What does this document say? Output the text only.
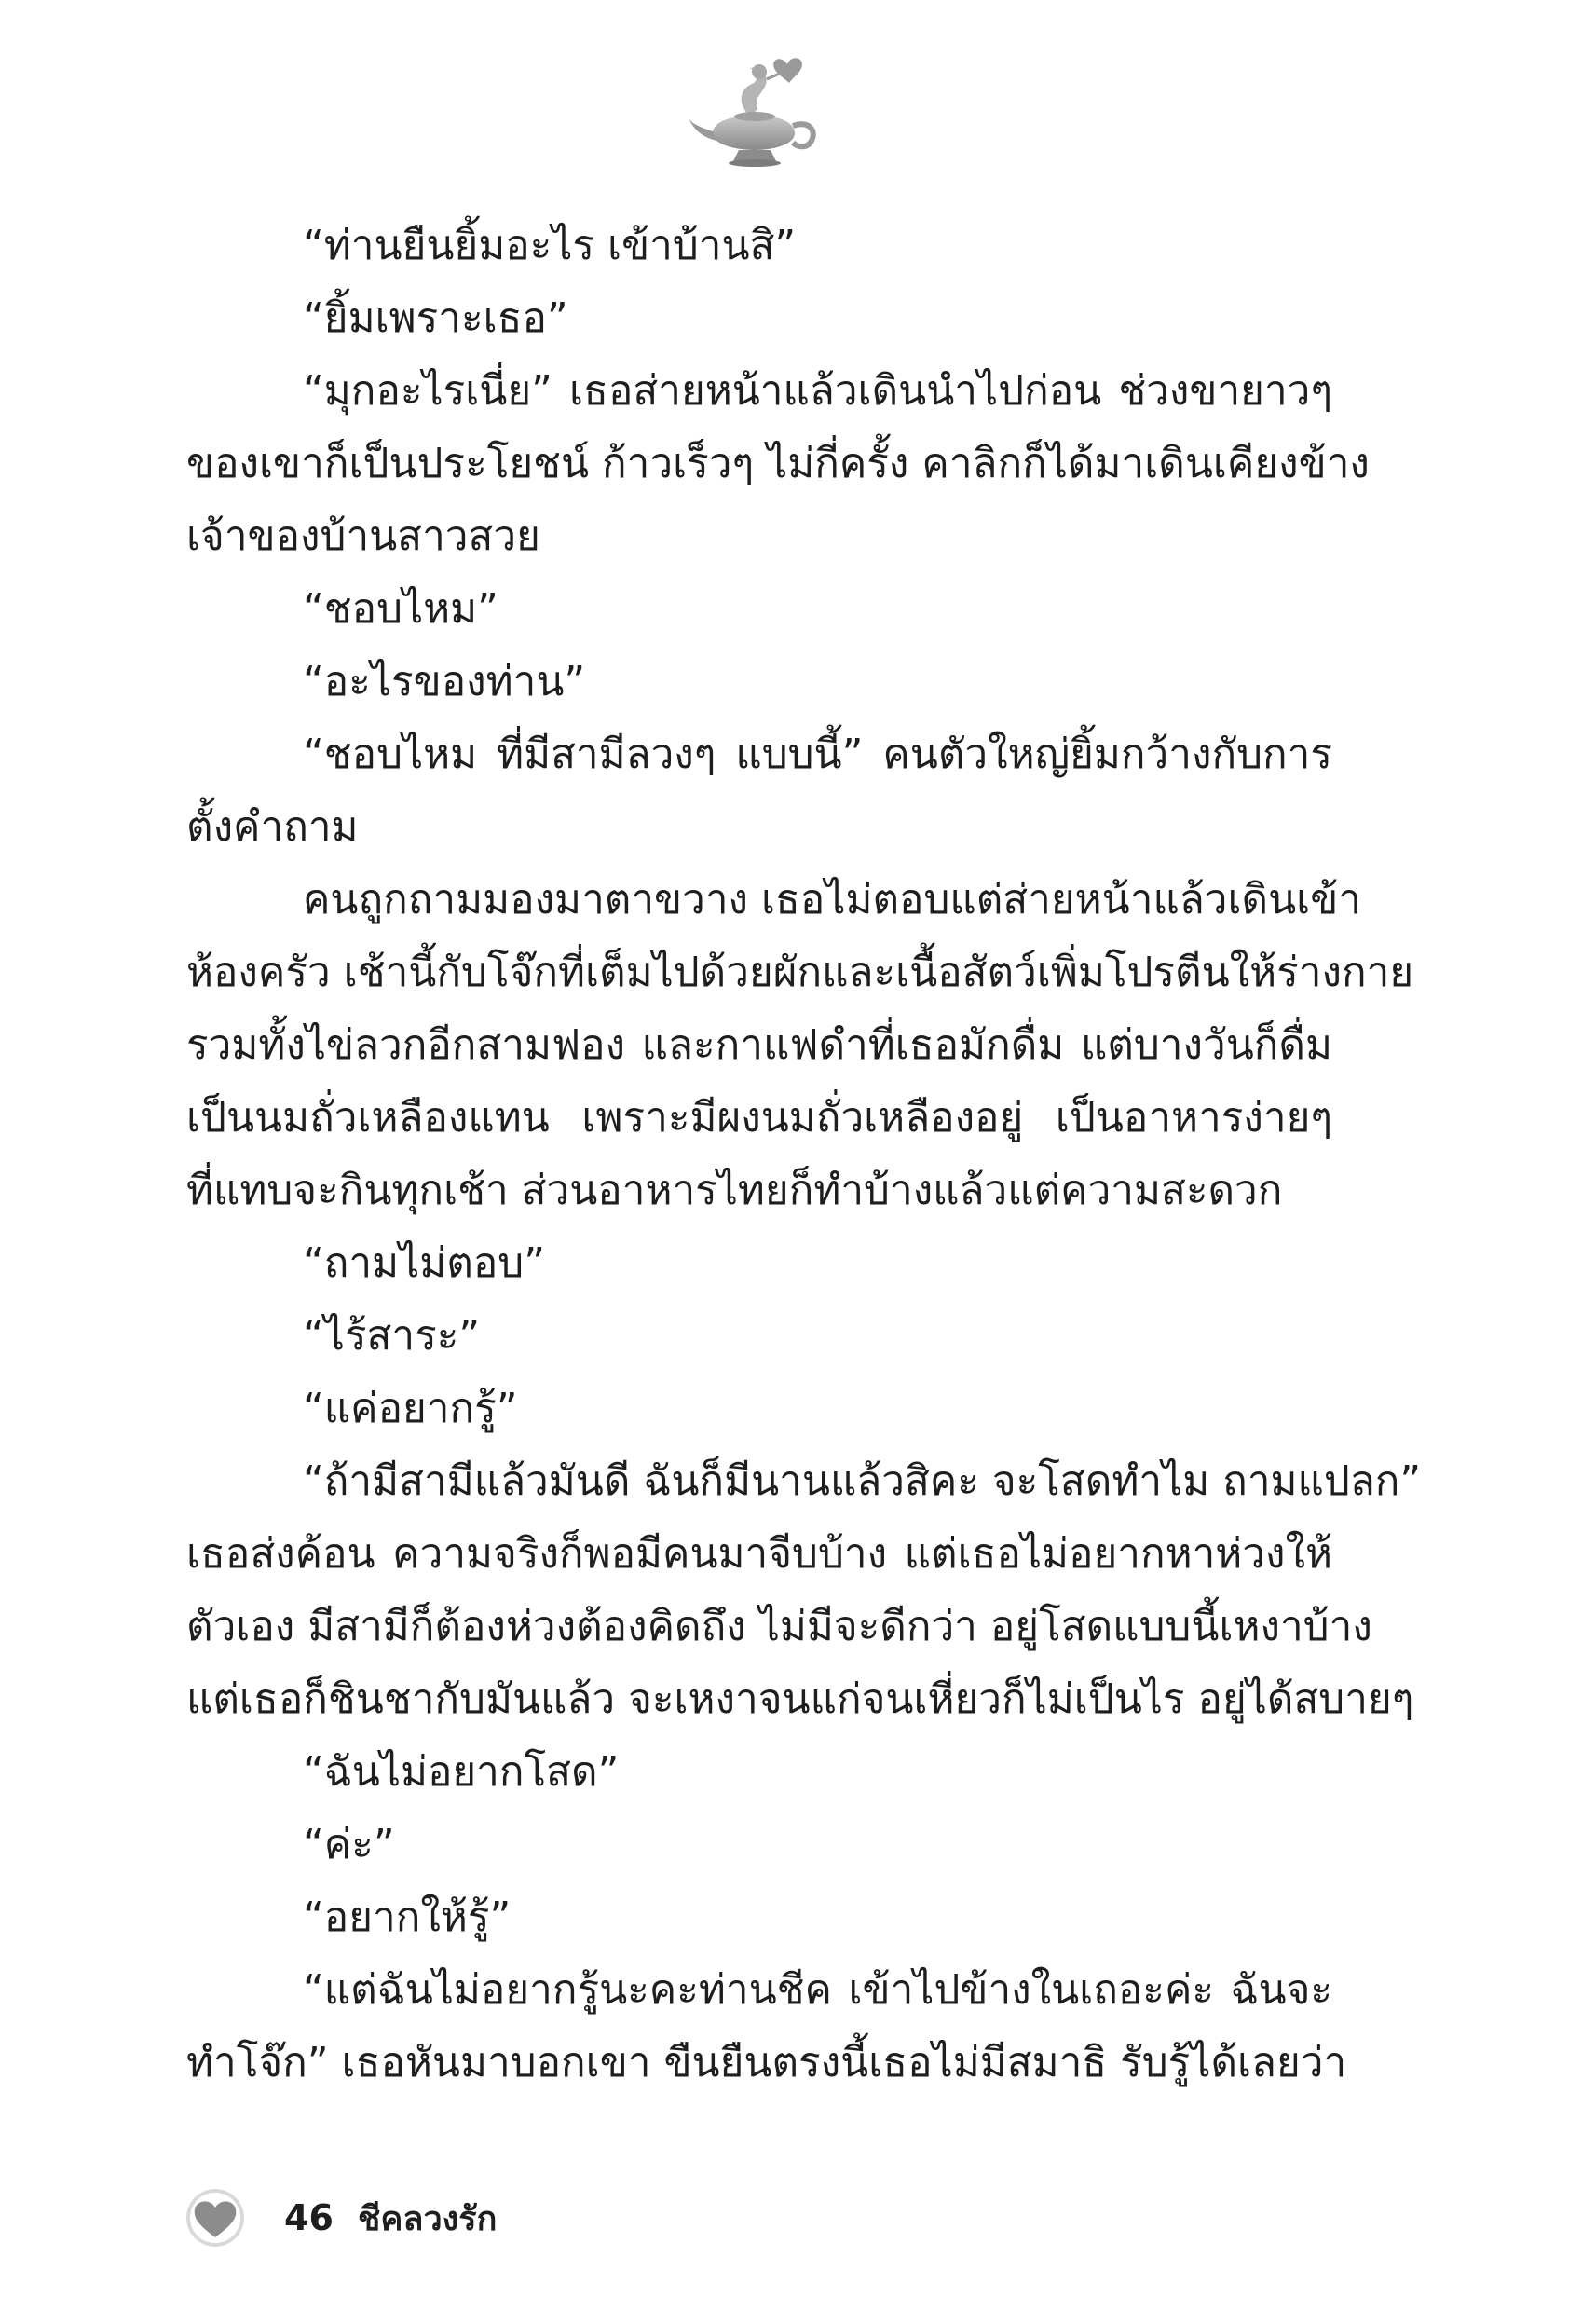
“ท่านยืนยิ้มอะไร เข้าบ้านสิ”
“ยิ้มเพราะเธอ”
“มุกอะไรเนี่ย” เธอส่ายหน้าแล้วเดินนำไปก่อน ช่วงขายาวๆ
ของเขาก็เป็นประโยชน์ ก้าวเร็วๆ ไม่กี่ครั้ง คาลิกก็ได้มาเดินเคียงข้าง
เจ้าของบ้านสาวสวย
“ชอบไหม”
“อะไรของท่าน”
“ชอบไหม ที่มีสามีลวงๆ แบบนี้” คนตัวใหญ่ยิ้มกว้างกับการ
ตั้งคำถาม
คนถูกถามมองมาตาขวาง เธอไม่ตอบแต่ส่ายหน้าแล้วเดินเข้า
ห้องครัว เช้านี้กับโจ๊กที่เต็มไปด้วยผักและเนื้อสัตว์เพิ่มโปรตีนให้ร่างกาย
รวมทั้งไข่ลวกอีกสามฟอง และกาแฟดำที่เธอมักดื่ม แต่บางวันก็ดื่ม
เป็นนมถั่วเหลืองแทน เพราะมีผงนมถั่วเหลืองอยู่ เป็นอาหารง่ายๆ
ที่แทบจะกินทุกเช้า ส่วนอาหารไทยก็ทำบ้างแล้วแต่ความสะดวก
“ถามไม่ตอบ”
“ไร้สาระ”
“แค่อยากรู้”
“ถ้ามีสามีแล้วมันดี ฉันก็มีนานแล้วสิคะ จะโสดทำไม ถามแปลก”
เธอส่งค้อน ความจริงก็พอมีคนมาจีบบ้าง แต่เธอไม่อยากหาห่วงให้
ตัวเอง มีสามีก็ต้องห่วงต้องคิดถึง ไม่มีจะดีกว่า อยู่โสดแบบนี้เหงาบ้าง
แต่เธอก็ชินชากับมันแล้ว จะเหงาจนแก่จนเหี่ยวก็ไม่เป็นไร อยู่ได้สบายๆ
“ฉันไม่อยากโสด”
“ค่ะ”
“อยากให้รู้”
“แต่ฉันไม่อยากรู้นะคะท่านชีค เข้าไปข้างในเถอะค่ะ ฉันจะ
ทำโจ๊ก” เธอหันมาบอกเขา ขืนยืนตรงนี้เธอไม่มีสมาธิ รับรู้ได้เลยว่า
46 ชีคลวงรัก
